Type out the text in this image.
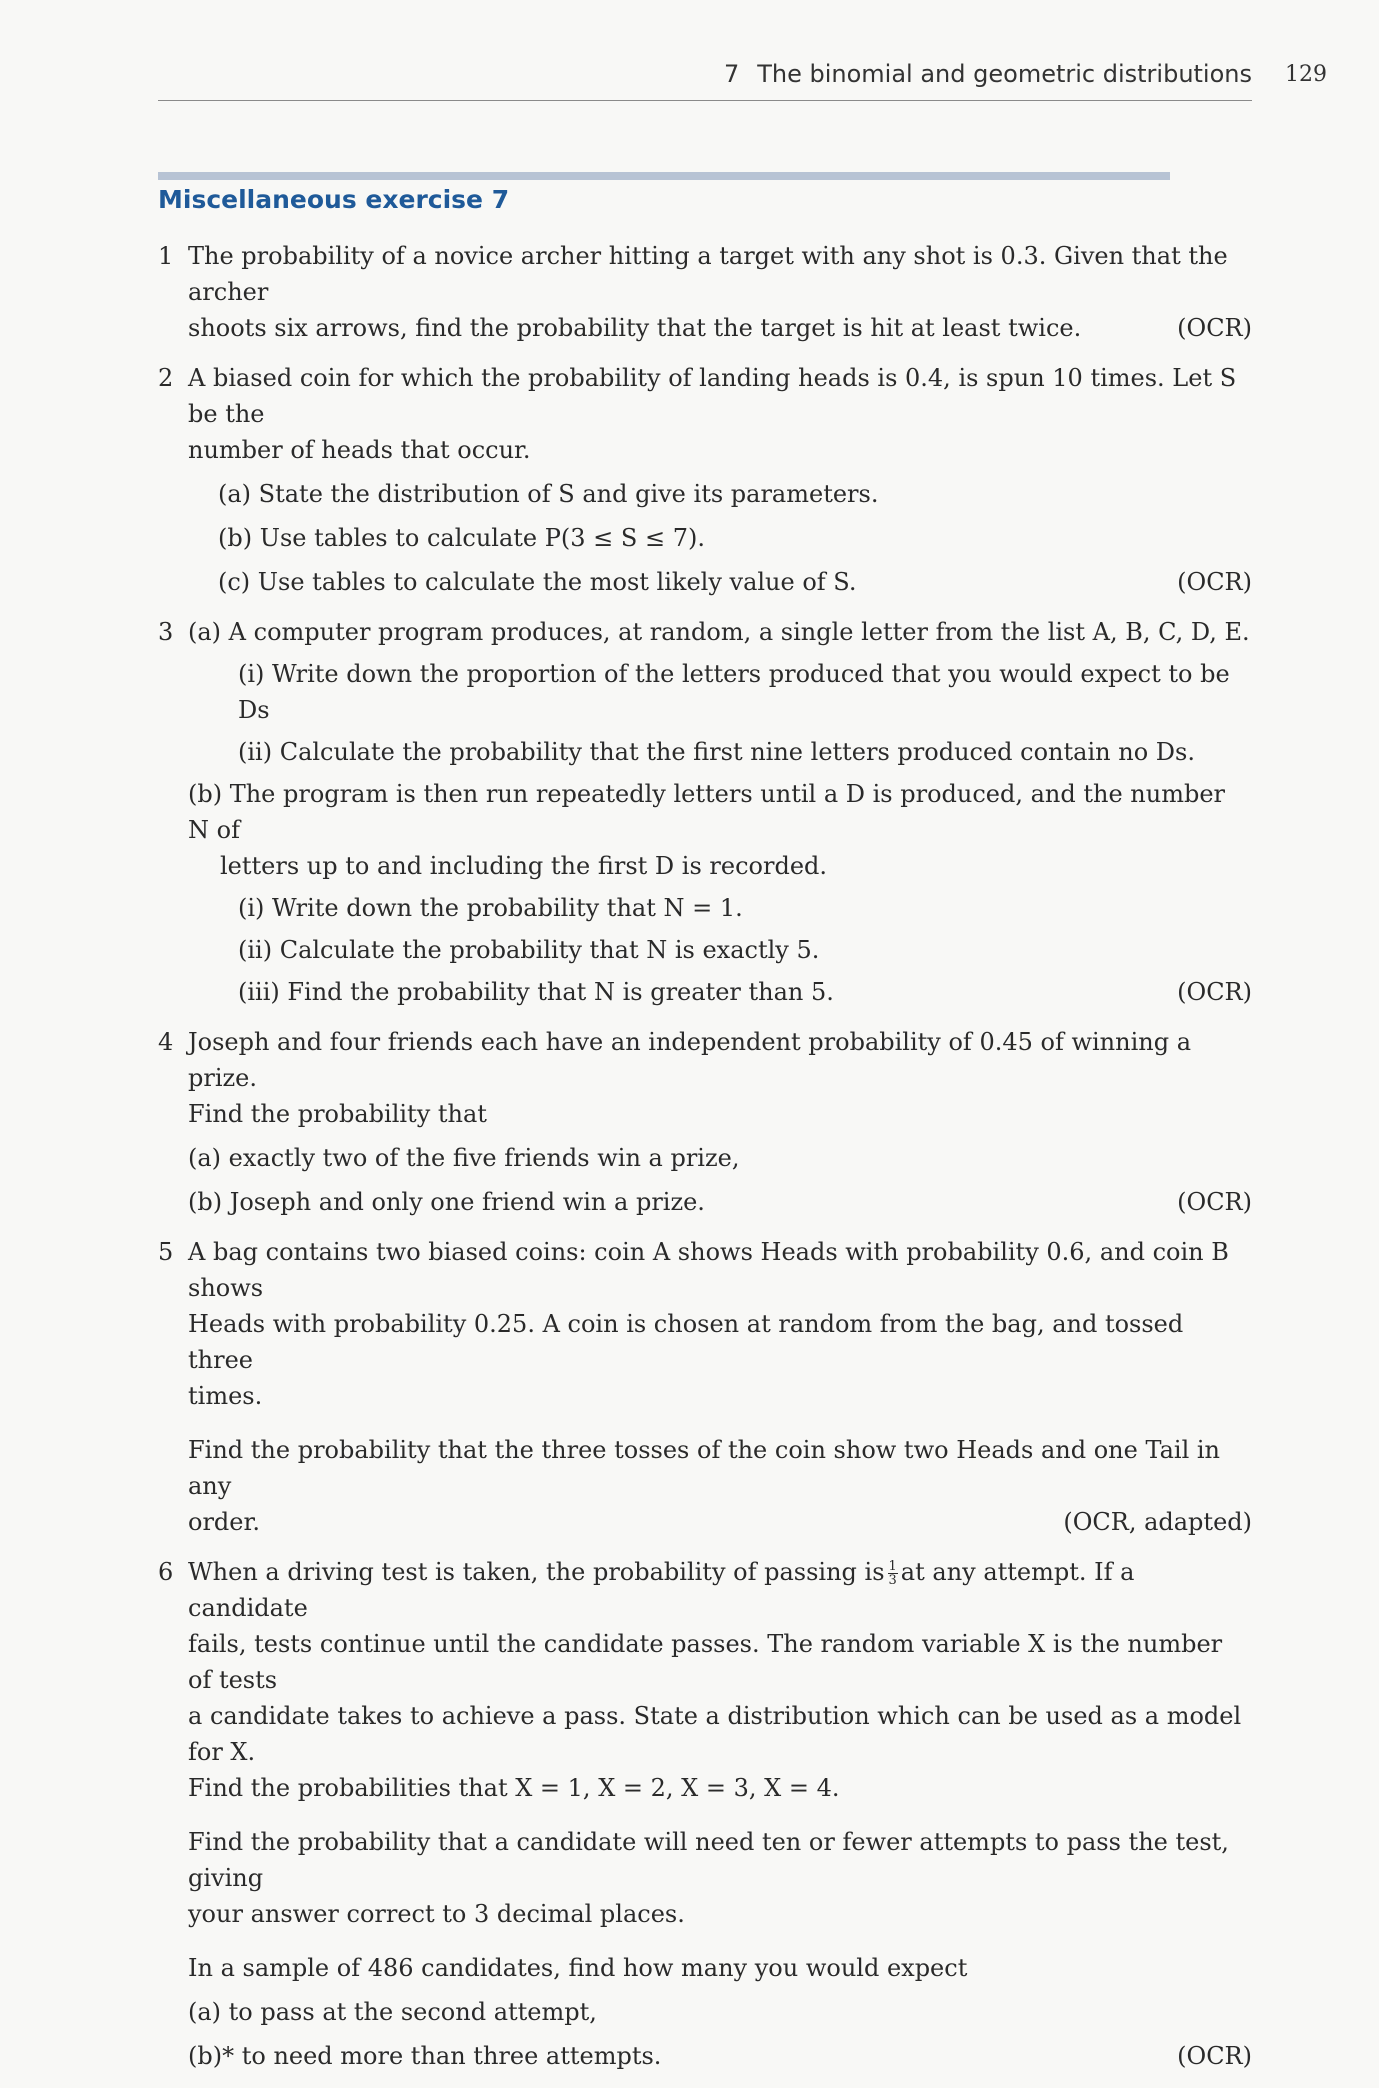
7 The binomial and geometric distributions 129
Miscellaneous exercise 7
1 The probability of a novice archer hitting a target with any shot is 0.3. Given that the archer
shoots six arrows, find the probability that the target is hit at least twice.	(OCR)
2 A biased coin for which the probability of landing heads is 0.4, is spun 10 times. Let S be the
number of heads that occur.
(a) State the distribution of S and give its parameters.
(b) Use tables to calculate P(3 ≤ S ≤ 7).
(c) Use tables to calculate the most likely value of S.	(OCR)
3 (a) A computer program produces, at random, a single letter from the list A, B, C, D, E.
(i) Write down the proportion of the letters produced that you would expect to be Ds
(ii) Calculate the probability that the first nine letters produced contain no Ds.
(b) The program is then run repeatedly letters until a D is produced, and the number N of
letters up to and including the first D is recorded.
(i) Write down the probability that N = 1.
(ii) Calculate the probability that N is exactly 5.
(iii) Find the probability that N is greater than 5.	(OCR)
4 Joseph and four friends each have an independent probability of 0.45 of winning a prize.
Find the probability that
(a) exactly two of the five friends win a prize,
(b) Joseph and only one friend win a prize.	(OCR)
5 A bag contains two biased coins: coin A shows Heads with probability 0.6, and coin B shows
Heads with probability 0.25. A coin is chosen at random from the bag, and tossed three
times.
Find the probability that the three tosses of the coin show two Heads and one Tail in any
order.	(OCR, adapted)
6 When a driving test is taken, the probability of passing is $\frac{1}{3}$ at any attempt. If a candidate
fails, tests continue until the candidate passes. The random variable X is the number of tests
a candidate takes to achieve a pass. State a distribution which can be used as a model for X.
Find the probabilities that X = 1, X = 2, X = 3, X = 4.
Find the probability that a candidate will need ten or fewer attempts to pass the test, giving
your answer correct to 3 decimal places.
In a sample of 486 candidates, find how many you would expect
(a) to pass at the second attempt,
(b)* to need more than three attempts.	(OCR)
